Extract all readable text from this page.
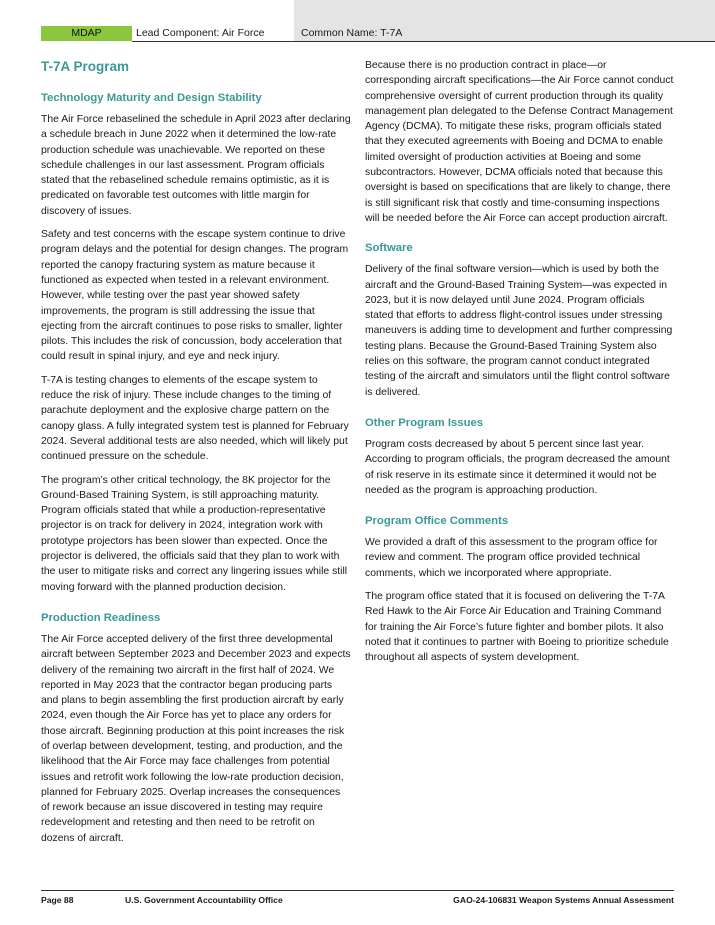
MDAP	Lead Component: Air Force	Common Name: T-7A
T-7A Program
Technology Maturity and Design Stability

The Air Force rebaselined the schedule in April 2023 after declaring a schedule breach in June 2022 when it determined the low-rate production schedule was unachievable. We reported on these schedule challenges in our last assessment. Program officials stated that the rebaselined schedule remains optimistic, as it is predicated on favorable test outcomes with little margin for discovery of issues.

Safety and test concerns with the escape system continue to drive program delays and the potential for design changes. The program reported the canopy fracturing system as mature because it functioned as expected when tested in a relevant environment. However, while testing over the past year showed safety improvements, the program is still addressing the issue that ejecting from the aircraft continues to pose risks to smaller, lighter pilots. This includes the risk of concussion, body acceleration that could result in spinal injury, and eye and neck injury.

T-7A is testing changes to elements of the escape system to reduce the risk of injury. These include changes to the timing of parachute deployment and the explosive charge pattern on the canopy glass. A fully integrated system test is planned for February 2024. Several additional tests are also needed, which will likely put continued pressure on the schedule.

The program’s other critical technology, the 8K projector for the Ground-Based Training System, is still approaching maturity. Program officials stated that while a production-representative projector is on track for delivery in 2024, integration work with prototype projectors has been slower than expected. Once the projector is delivered, the officials said that they plan to work with the user to mitigate risks and correct any lingering issues while still moving forward with the planned production decision.

Production Readiness

The Air Force accepted delivery of the first three developmental aircraft between September 2023 and December 2023 and expects delivery of the remaining two aircraft in the first half of 2024. We reported in May 2023 that the contractor began producing parts and plans to begin assembling the first production aircraft by early 2024, even though the Air Force has yet to place any orders for those aircraft. Beginning production at this point increases the risk of overlap between development, testing, and production, and the likelihood that the Air Force may face challenges from potential issues and retrofit work following the low-rate production decision, planned for February 2025. Overlap increases the consequences of rework because an issue discovered in testing may require redevelopment and retesting and then need to be retrofit on dozens of aircraft.

Because there is no production contract in place—or corresponding aircraft specifications—the Air Force cannot conduct comprehensive oversight of current production through its quality management plan delegated to the Defense Contract Management Agency (DCMA). To mitigate these risks, program officials stated that they executed agreements with Boeing and DCMA to enable limited oversight of production activities at Boeing and some subcontractors. However, DCMA officials noted that because this oversight is based on specifications that are likely to change, there is still significant risk that costly and time-consuming inspections will be needed before the Air Force can accept production aircraft.

Software

Delivery of the final software version—which is used by both the aircraft and the Ground-Based Training System—was expected in 2023, but it is now delayed until June 2024. Program officials stated that efforts to address flight-control issues under stressing maneuvers is adding time to development and further compressing testing plans. Because the Ground-Based Training System also relies on this software, the program cannot conduct integrated testing of the aircraft and simulators until the flight control software is delivered.

Other Program Issues

Program costs decreased by about 5 percent since last year. According to program officials, the program decreased the amount of risk reserve in its estimate since it determined it would not be needed as the program is approaching production.

Program Office Comments

We provided a draft of this assessment to the program office for review and comment. The program office provided technical comments, which we incorporated where appropriate.

The program office stated that it is focused on delivering the T-7A Red Hawk to the Air Force Air Education and Training Command for training the Air Force’s future fighter and bomber pilots. It also noted that it continues to partner with Boeing to prioritize schedule throughout all aspects of system development.

Page 88	U.S. Government Accountability Office	GAO-24-106831 Weapon Systems Annual Assessment
